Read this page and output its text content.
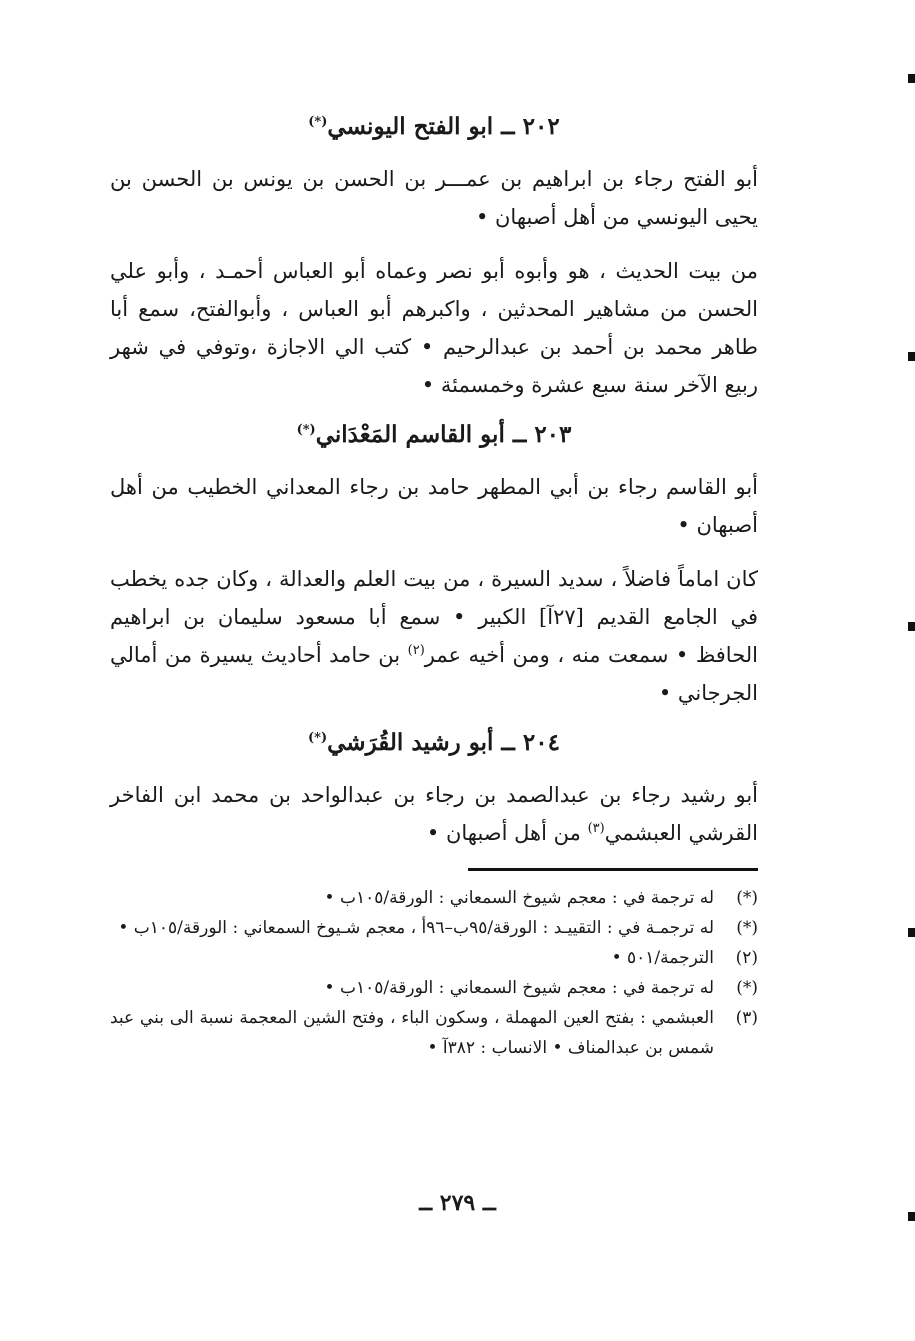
٢٠٢ ــ ابو الفتح اليونسي(*)

أبو الفتح رجاء بن ابراهيم بن عمـــر بن الحسن بن يونس بن الحسن بن يحيى اليونسي من أهل أصبهان •

من بيت الحديث ، هو وأبوه أبو نصر وعماه أبو العباس أحمـد ، وأبو علي الحسن من مشاهير المحدثين ، واكبرهم أبو العباس ، وأبوالفتح، سمع أبا طاهر محمد بن أحمد بن عبدالرحيم • كتب الي الاجازة ،وتوفي في شهر ربيع الآخر سنة سبع عشرة وخمسمئة •

٢٠٣ ــ أبو القاسم المَعْدَاني(*)

أبو القاسم رجاء بن أبي المطهر حامد بن رجاء المعداني الخطيب من أهل أصبهان •

كان اماماً فاضلاً ، سديد السيرة ، من بيت العلم والعدالة ، وكان جده يخطب في الجامع القديم [٢٧آ] الكبير • سمع أبا مسعود سليمان بن ابراهيم الحافظ • سمعت منه ، ومن أخيه عمر$^{(٢)}$ بن حامد أحاديث يسيرة من أمالي الجرجاني •

٢٠٤ ــ أبو رشيد القُرَشي(*)

أبو رشيد رجاء بن عبدالصمد بن رجاء بن عبدالواحد بن محمد ابن الفاخر القرشي العبشمي$^{(٣)}$ من أهل أصبهان •

(*)
له ترجمة في : معجم شيوخ السمعاني : الورقة/١٠٥ب •
(*)
له ترجمـة في : التقييـد : الورقة/٩٥ب–٩٦أ ، معجم شـيوخ السمعاني : الورقة/١٠٥ب •
(٢)
الترجمة/٥٠١ •
(*)
له ترجمة في : معجم شيوخ السمعاني : الورقة/١٠٥ب •
(٣)
العبشمي : بفتح العين المهملة ، وسكون الباء ، وفتح الشين المعجمة نسبة الى بني عبد شمس بن عبدالمناف • الانساب : ٣٨٢آ •
ــ ٢٧٩ ــ
